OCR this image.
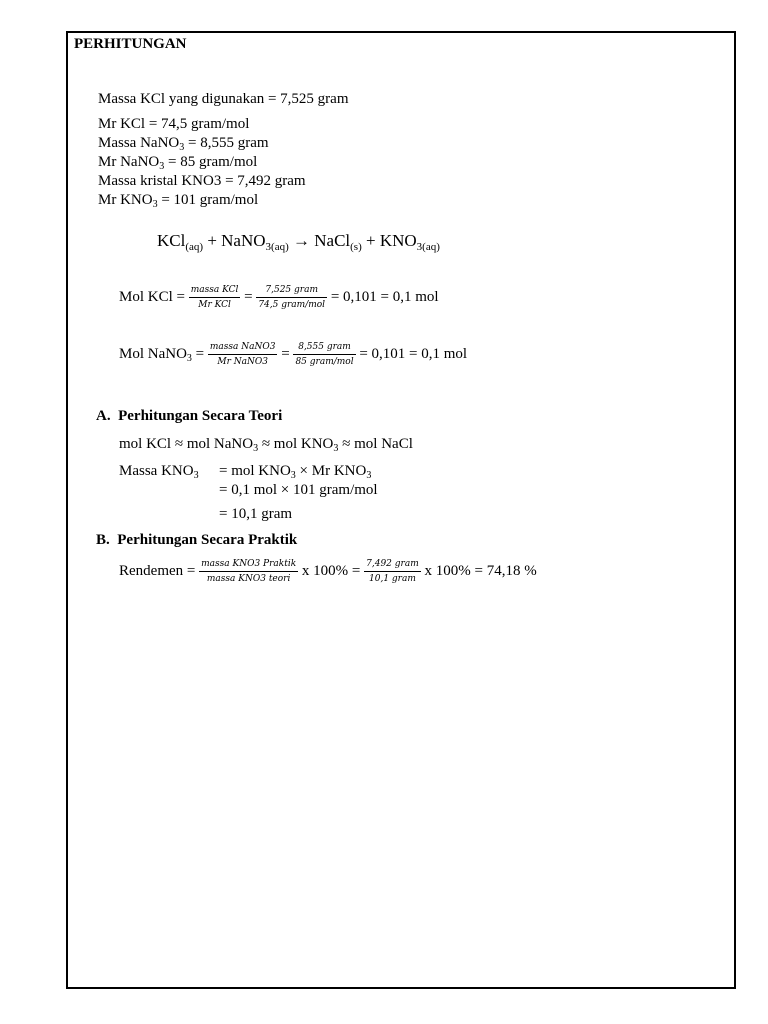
PERHITUNGAN
Massa KCl yang digunakan = 7,525 gram
Mr KCl = 74,5 gram/mol
Massa NaNO$_3$ = 8,555 gram
Mr NaNO$_3$ = 85 gram/mol
Massa kristal KNO3 = 7,492 gram
Mr $KNO_3 = 101$ gram/mol
KCl$_{(aq)}$ + NaNO$_{3(aq)}$ → NaCl$_{(s)}$ + $KNO_{3(aq)}$
Mol KCl = $\frac{\text{massa KCl}}{\text{Mr KCl}} = \frac{\text{7,525 gram}}{\text{74,5 gram/mol}} = 0,101 = 0,1$ mol
Mol NaNO$_3$ = $\frac{\text{massa NaNO3}}{\text{Mr NaNO3}} = \frac{\text{8,555 gram}}{\text{85 gram/mol}} = 0,101 = 0,1$ mol
A. Perhitungan Secara Teori
mol KCl ≈ mol NaNO$_3$ ≈ mol $KNO_3$ ≈ mol NaCl
Massa $KNO_3$ = mol $KNO_3 \times Mr$ $KNO_3$
= 0,1 mol × 101 gram/mol
= 10,1 gram
B. Perhitungan Secara Praktik
Rendemen = $\frac{\text{massa KNO3 Praktik}}{\text{massa KNO3 teori}}$ x $100\% = \frac{\text{7,492 gram}}{\text{10,1 gram}}$ x 100% = 74,18 %
